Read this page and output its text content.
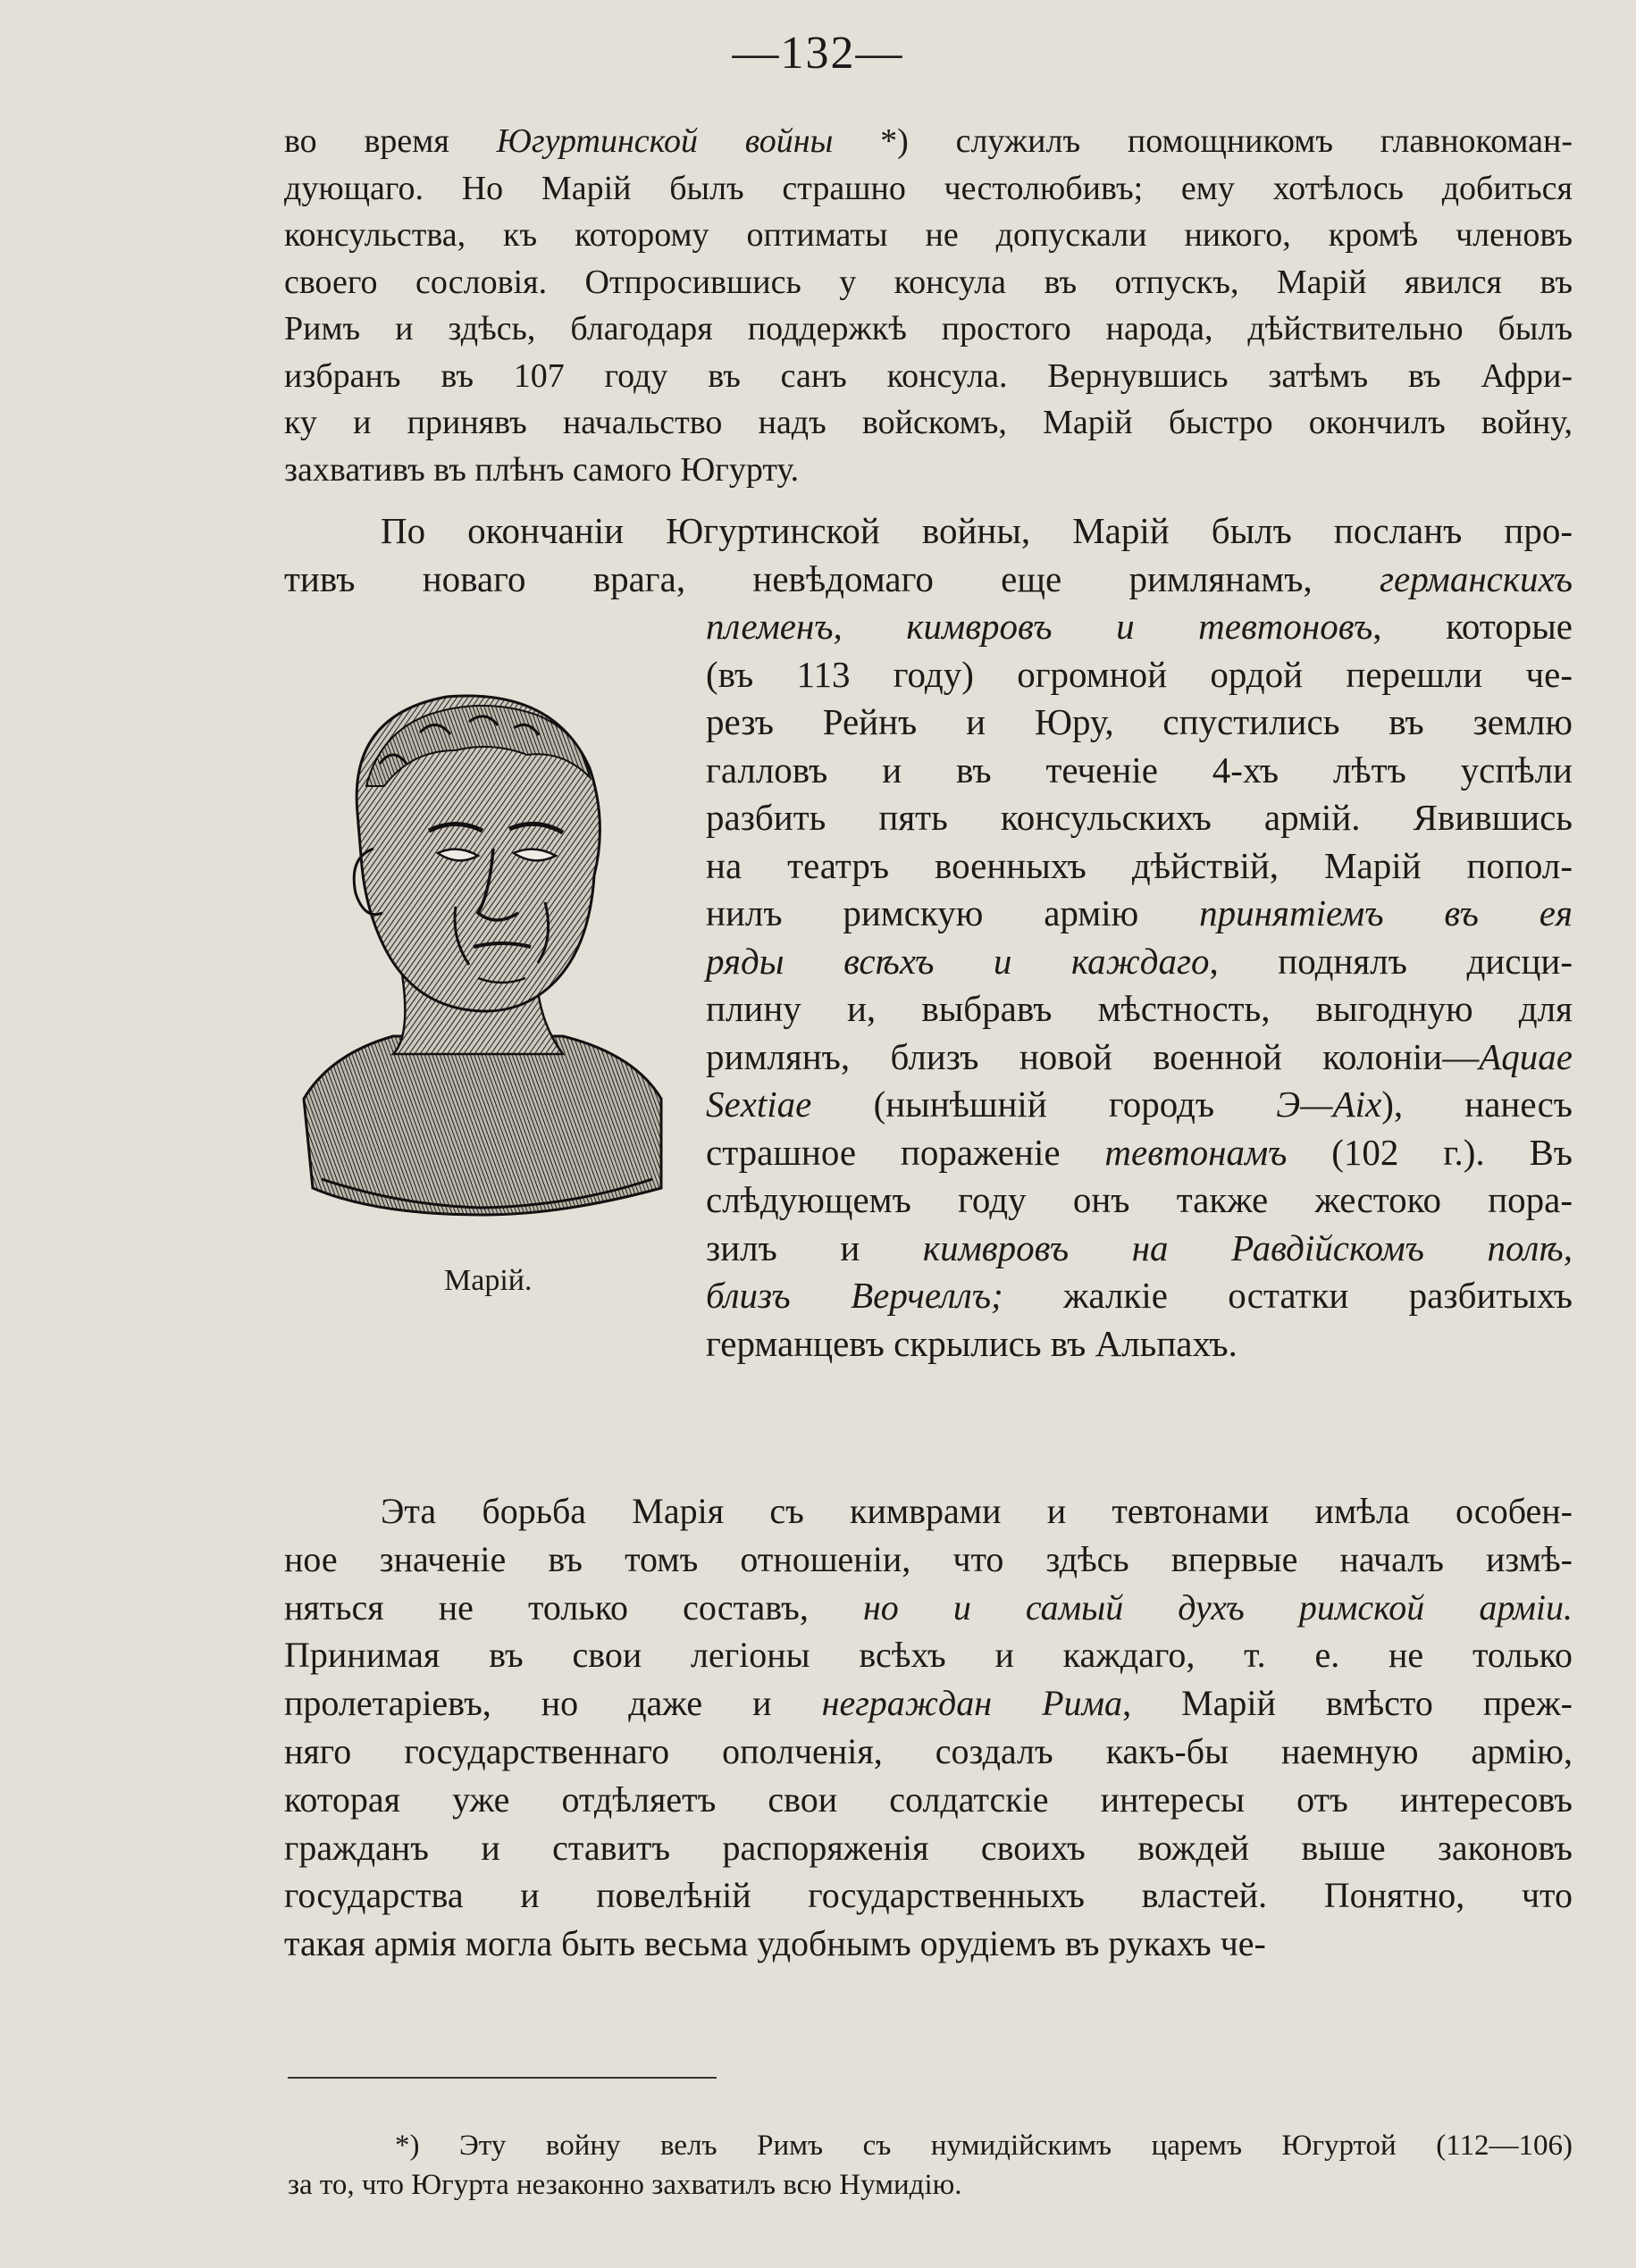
—132—
во время Югуртинской войны *) служилъ помощникомъ главнокоман-
дующаго. Но Марій былъ страшно честолюбивъ; ему хотѣлось добиться
консульства, къ которому оптиматы не допускали никого, кромѣ членовъ
своего сословія. Отпросившись у консула въ отпускъ, Марій явился въ
Римъ и здѣсь, благодаря поддержкѣ простого народа, дѣйствительно былъ
избранъ въ 107 году въ санъ консула. Вернувшись затѣмъ въ Афри-
ку и принявъ начальство надъ войскомъ, Марій быстро окончилъ войну,
захвативъ въ плѣнъ самого Югурту.
По окончаніи Югуртинской войны, Марій былъ посланъ про-
тивъ новаго врага, невѣдомаго еще римлянамъ, германскихъ
племенъ, кимвровъ и тевтоновъ, которые
(въ 113 году) огромной ордой перешли че-
резъ Рейнъ и Юру, спустились въ землю
галловъ и въ теченіе 4-хъ лѣтъ успѣли
разбить пять консульскихъ армій. Явившись
на театръ военныхъ дѣйствій, Марій попол-
нилъ римскую армію принятіемъ въ ея
ряды всѣхъ и каждаго, поднялъ дисци-
плину и, выбравъ мѣстность, выгодную для
римлянъ, близъ новой военной колоніи—Aquae
Sextiae (нынѣшній городъ Э—Aix), нанесъ
страшное пораженіе тевтонамъ (102 г.). Въ
слѣдующемъ году онъ также жестоко пора-
зилъ и кимвровъ на Равдійскомъ полѣ,
близъ Верчеллъ; жалкіе остатки разбитыхъ
германцевъ скрылись въ Альпахъ.
Марій.
Эта борьба Марія съ кимврами и тевтонами имѣла особен-
ное значеніе въ томъ отношеніи, что здѣсь впервые началъ измѣ-
няться не только составъ, но и самый духъ римской арміи.
Принимая въ свои легіоны всѣхъ и каждаго, т. е. не только
пролетаріевъ, но даже и неграждан Рима, Марій вмѣсто преж-
няго государственнаго ополченія, создалъ какъ-бы наемную армію,
которая уже отдѣляетъ свои солдатскіе интересы отъ интересовъ
гражданъ и ставитъ распоряженія своихъ вождей выше законовъ
государства и повелѣній государственныхъ властей. Понятно, что
такая армія могла быть весьма удобнымъ орудіемъ въ рукахъ че-
*) Эту войну велъ Римъ съ нумидійскимъ царемъ Югуртой (112—106)
за то, что Югурта незаконно захватилъ всю Нумидію.
